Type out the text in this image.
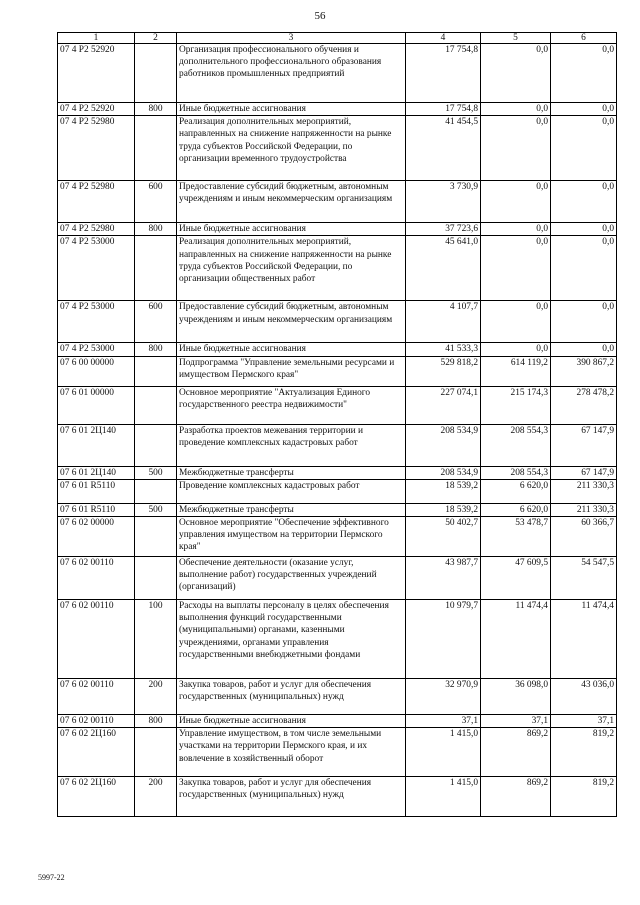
56
1	2	3	4	5	6
07 4 P2 52920		Организация профессионального обучения и дополнительного профессионального образования работников промышленных предприятий	17 754,8	0,0	0,0
07 4 P2 52920	800	Иные бюджетные ассигнования	17 754,8	0,0	0,0
07 4 P2 52980		Реализация дополнительных мероприятий, направленных на снижение напряженности на рынке труда субъектов Российской Федерации, по организации временного трудоустройства	41 454,5	0,0	0,0
07 4 P2 52980	600	Предоставление субсидий бюджетным, автономным учреждениям и иным некоммерческим организациям	3 730,9	0,0	0,0
07 4 P2 52980	800	Иные бюджетные ассигнования	37 723,6	0,0	0,0
07 4 P2 53000		Реализация дополнительных мероприятий, направленных на снижение напряженности на рынке труда субъектов Российской Федерации, по организации общественных работ	45 641,0	0,0	0,0
07 4 P2 53000	600	Предоставление субсидий бюджетным, автономным учреждениям и иным некоммерческим организациям	4 107,7	0,0	0,0
07 4 P2 53000	800	Иные бюджетные ассигнования	41 533,3	0,0	0,0
07 6 00 00000		Подпрограмма "Управление земельными ресурсами и имуществом Пермского края"	529 818,2	614 119,2	390 867,2
07 6 01 00000		Основное мероприятие "Актуализация Единого государственного реестра недвижимости"	227 074,1	215 174,3	278 478,2
07 6 01 2Ц140		Разработка проектов межевания территории и проведение комплексных кадастровых работ	208 534,9	208 554,3	67 147,9
07 6 01 2Ц140	500	Межбюджетные трансферты	208 534,9	208 554,3	67 147,9
07 6 01 R5110		Проведение комплексных кадастровых работ	18 539,2	6 620,0	211 330,3
07 6 01 R5110	500	Межбюджетные трансферты	18 539,2	6 620,0	211 330,3
07 6 02 00000		Основное мероприятие "Обеспечение эффективного управления имуществом на территории Пермского края"	50 402,7	53 478,7	60 366,7
07 6 02 00110		Обеспечение деятельности (оказание услуг, выполнение работ) государственных учреждений (организаций)	43 987,7	47 609,5	54 547,5
07 6 02 00110	100	Расходы на выплаты персоналу в целях обеспечения выполнения функций государственными (муниципальными) органами, казенными учреждениями, органами управления государственными внебюджетными фондами	10 979,7	11 474,4	11 474,4
07 6 02 00110	200	Закупка товаров, работ и услуг для обеспечения государственных (муниципальных) нужд	32 970,9	36 098,0	43 036,0
07 6 02 00110	800	Иные бюджетные ассигнования	37,1	37,1	37,1
07 6 02 2Ц160		Управление имуществом, в том числе земельными участками на территории Пермского края, и их вовлечение в хозяйственный оборот	1 415,0	869,2	819,2
07 6 02 2Ц160	200	Закупка товаров, работ и услуг для обеспечения государственных (муниципальных) нужд	1 415,0	869,2	819,2
5997-22
